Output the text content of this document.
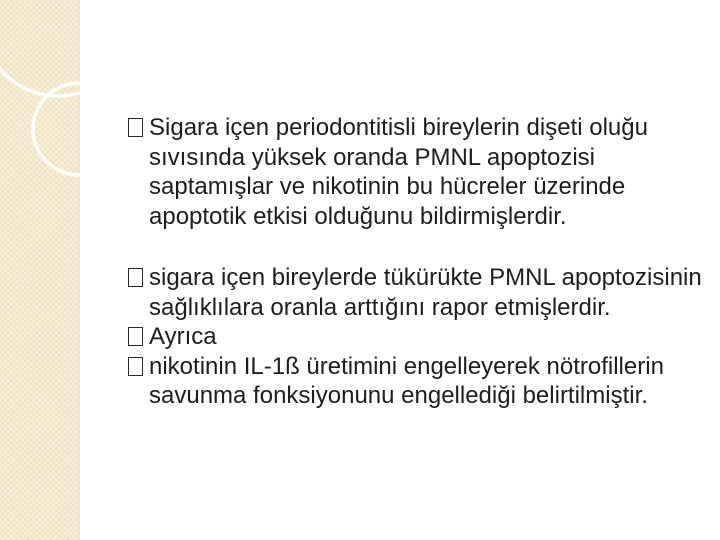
Sigara içen periodontitisli bireylerin dişeti oluğu sıvısında yüksek oranda PMNL apoptozisi saptamışlar ve nikotinin bu hücreler üzerinde apoptotik etkisi olduğunu bildirmişlerdir.
sigara içen bireylerde tükürükte PMNL apoptozisinin sağlıklılara oranla arttığını rapor etmişlerdir.
Ayrıca
nikotinin IL-1ß üretimini engelleyerek nötrofillerin savunma fonksiyonunu engellediği belirtilmiştir.
